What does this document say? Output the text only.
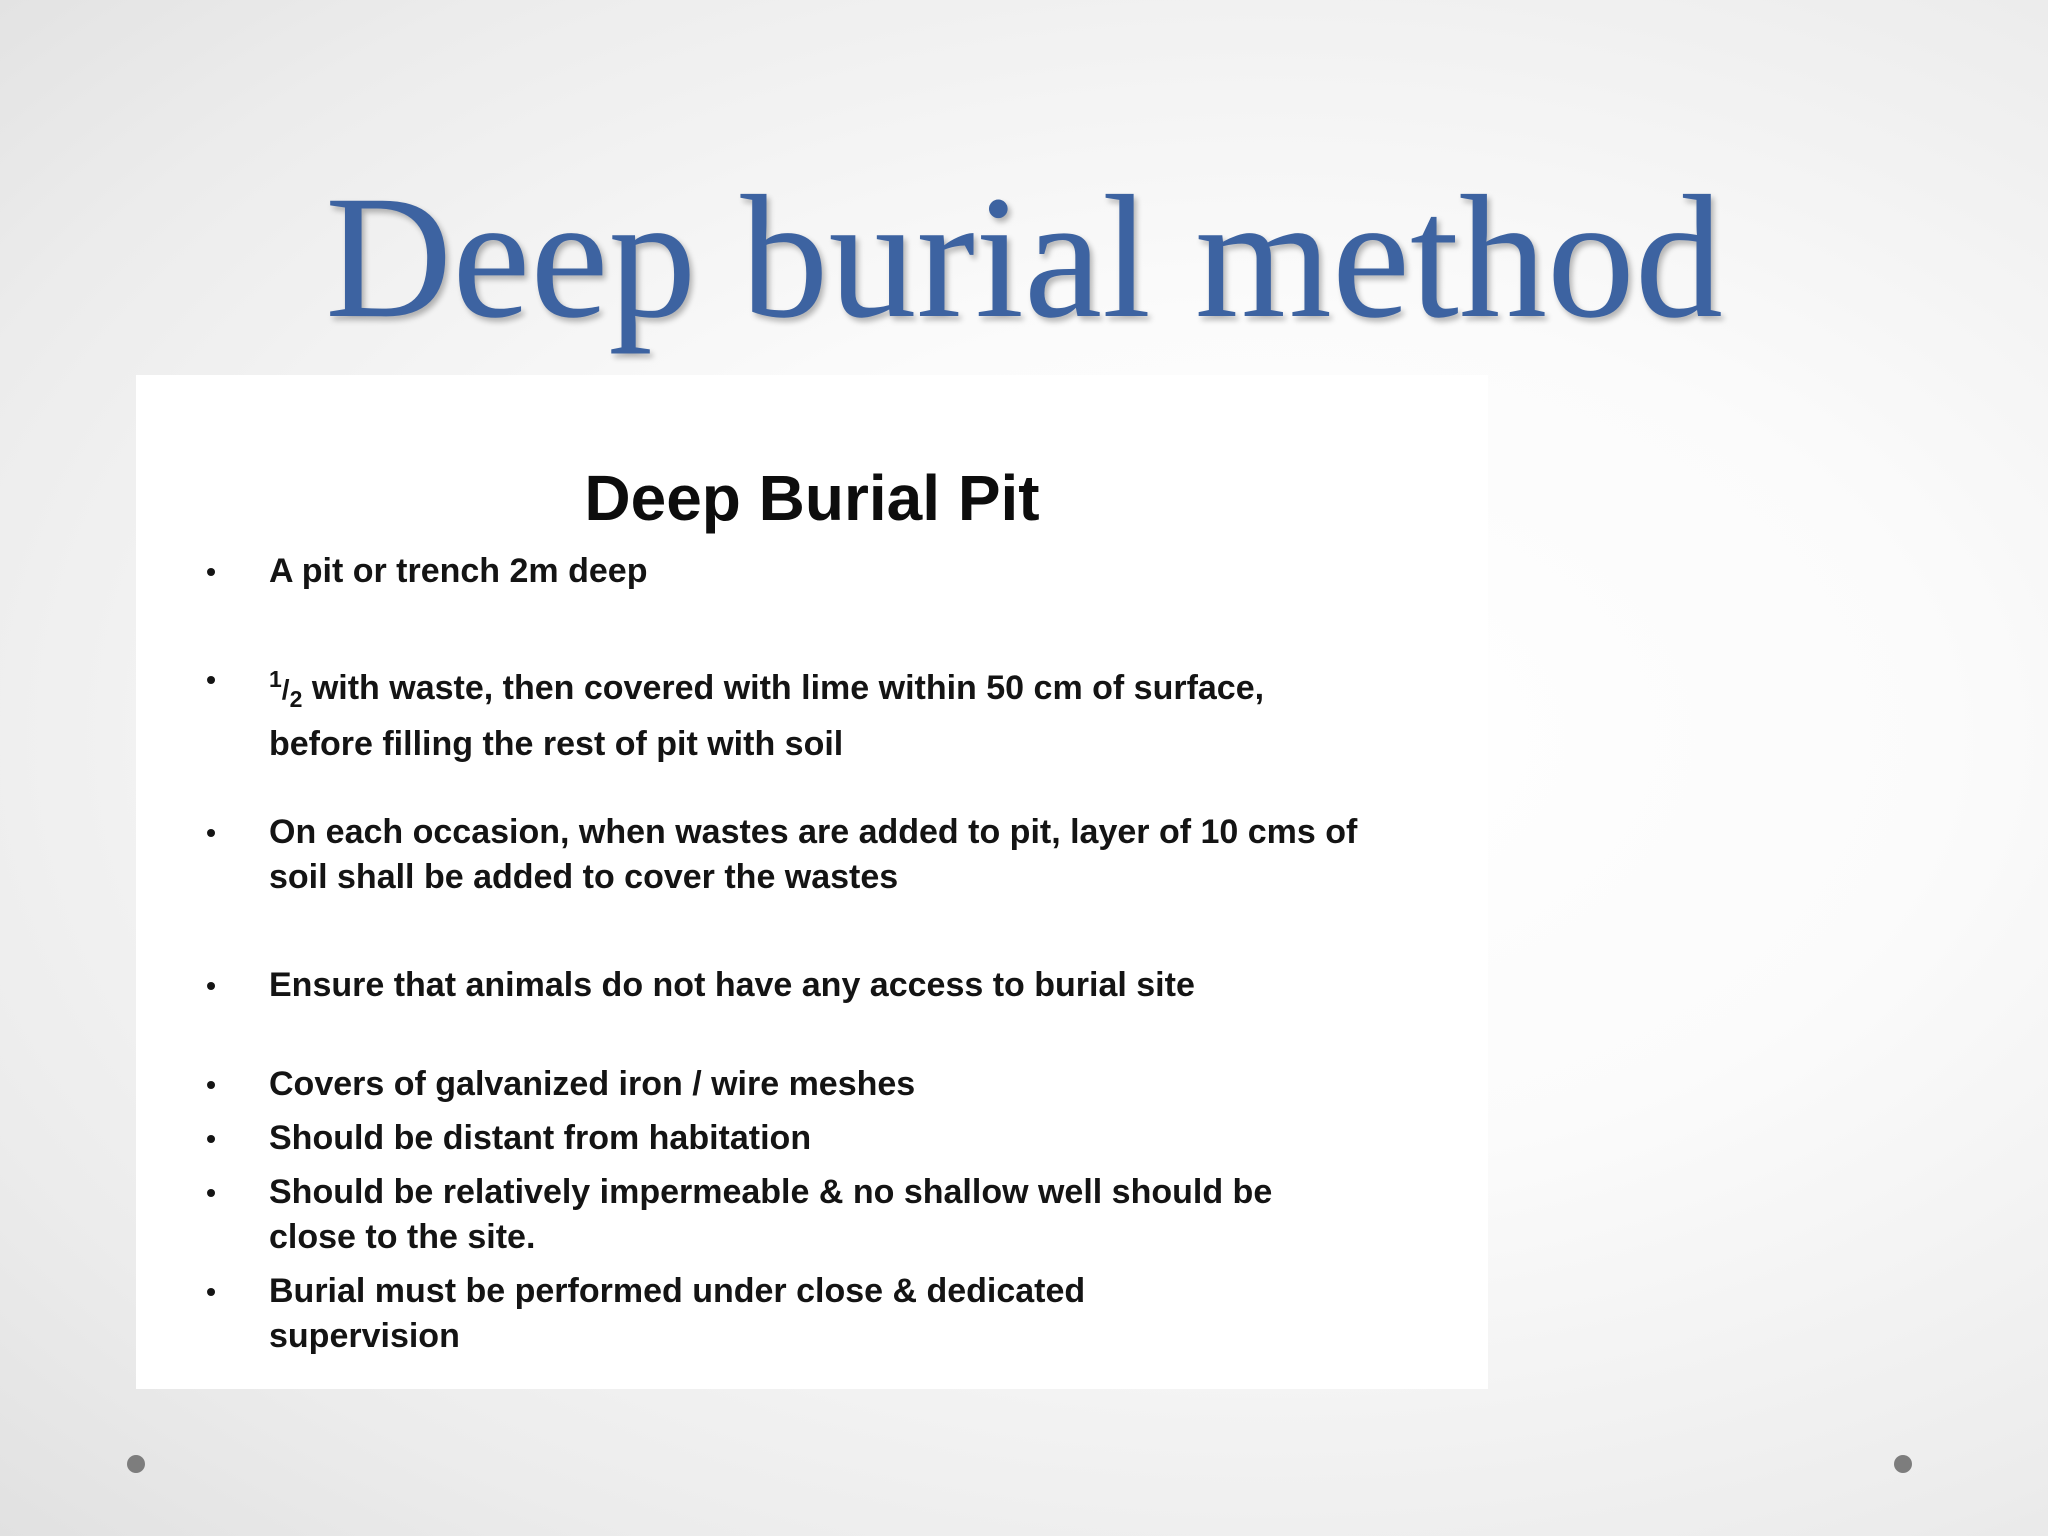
Deep burial method
Deep Burial Pit
•	A pit or trench 2m deep
•	1/2 with waste, then covered with lime within 50 cm of surface, before filling the rest of pit with soil
•	On each occasion, when wastes are added to pit, layer of 10 cms of soil shall be added to cover the wastes
•	Ensure that animals do not have any access to burial site
•	Covers of galvanized iron / wire meshes
•	Should be distant from habitation
•	Should be relatively impermeable & no shallow well should be close to the site.
•	Burial must be performed under close & dedicated supervision
